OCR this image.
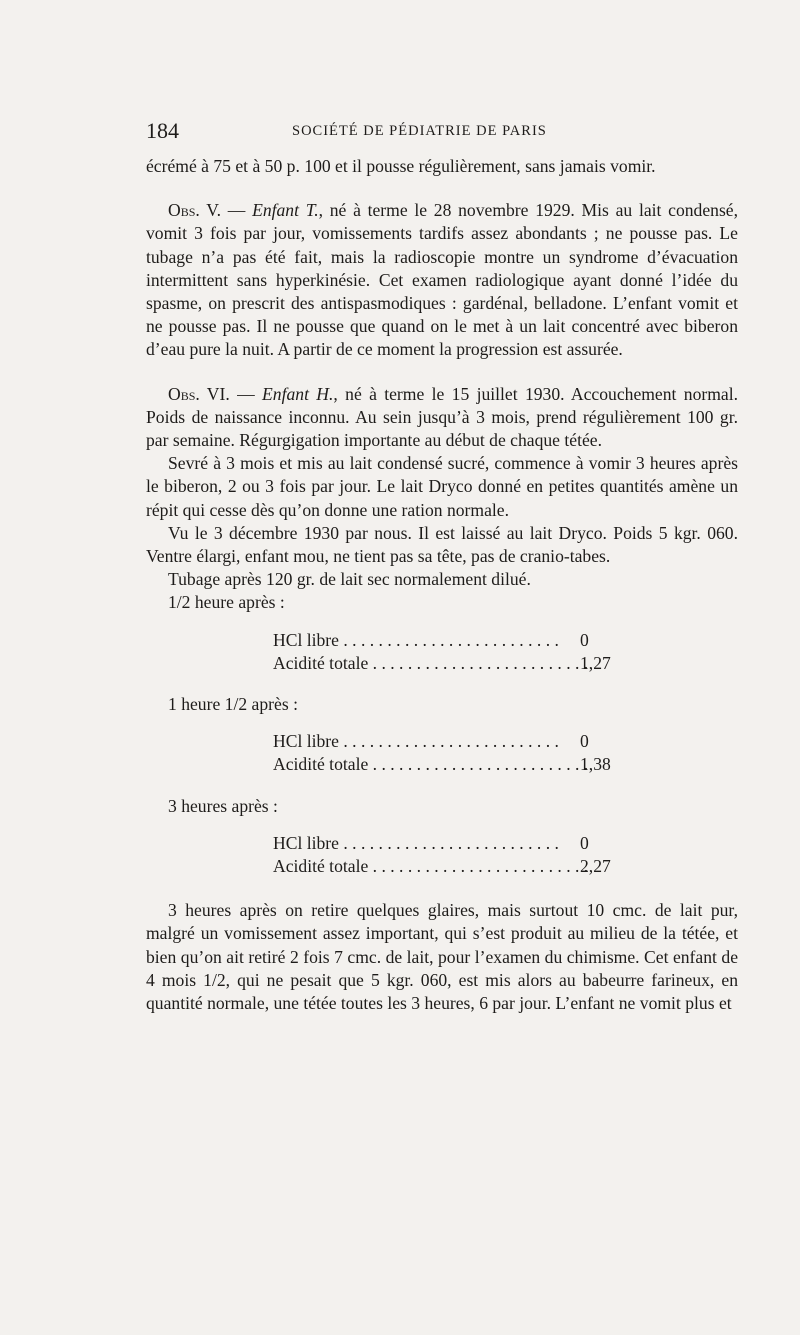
184	SOCIÉTÉ DE PÉDIATRIE DE PARIS

écrémé à 75 et à 50 p. 100 et il pousse régulièrement, sans jamais vomir.

Obs. V. — Enfant T., né à terme le 28 novembre 1929. Mis au lait condensé, vomit 3 fois par jour, vomissements tardifs assez abondants ; ne pousse pas. Le tubage n’a pas été fait, mais la radioscopie montre un syndrome d’évacuation intermittent sans hyperkinésie. Cet examen radiologique ayant donné l’idée du spasme, on prescrit des antispasmodiques : gardénal, belladone. L’enfant vomit et ne pousse pas. Il ne pousse que quand on le met à un lait concentré avec biberon d’eau pure la nuit. A partir de ce moment la progression est assurée.

Obs. VI. — Enfant H., né à terme le 15 juillet 1930. Accouchement normal. Poids de naissance inconnu. Au sein jusqu’à 3 mois, prend régulièrement 100 gr. par semaine. Régurgigation importante au début de chaque tétée.

Sevré à 3 mois et mis au lait condensé sucré, commence à vomir 3 heures après le biberon, 2 ou 3 fois par jour. Le lait Dryco donné en petites quantités amène un répit qui cesse dès qu’on donne une ration normale.

Vu le 3 décembre 1930 par nous. Il est laissé au lait Dryco. Poids 5 kgr. 060. Ventre élargi, enfant mou, ne tient pas sa tête, pas de cranio-tabes.

Tubage après 120 gr. de lait sec normalement dilué.

1/2 heure après :

HCl libre . . .	0
Acidité totale . . .	1,27

1 heure 1/2 après :

HCl libre . . .	0
Acidité totale . . .	1,38

3 heures après :

HCl libre . . .	0
Acidité totale . . .	2,27

3 heures après on retire quelques glaires, mais surtout 10 cmc. de lait pur, malgré un vomissement assez important, qui s’est produit au milieu de la tétée, et bien qu’on ait retiré 2 fois 7 cmc. de lait, pour l’examen du chimisme. Cet enfant de 4 mois 1/2, qui ne pesait que 5 kgr. 060, est mis alors au babeurre farineux, en quantité normale, une tétée toutes les 3 heures, 6 par jour. L’enfant ne vomit plus et
